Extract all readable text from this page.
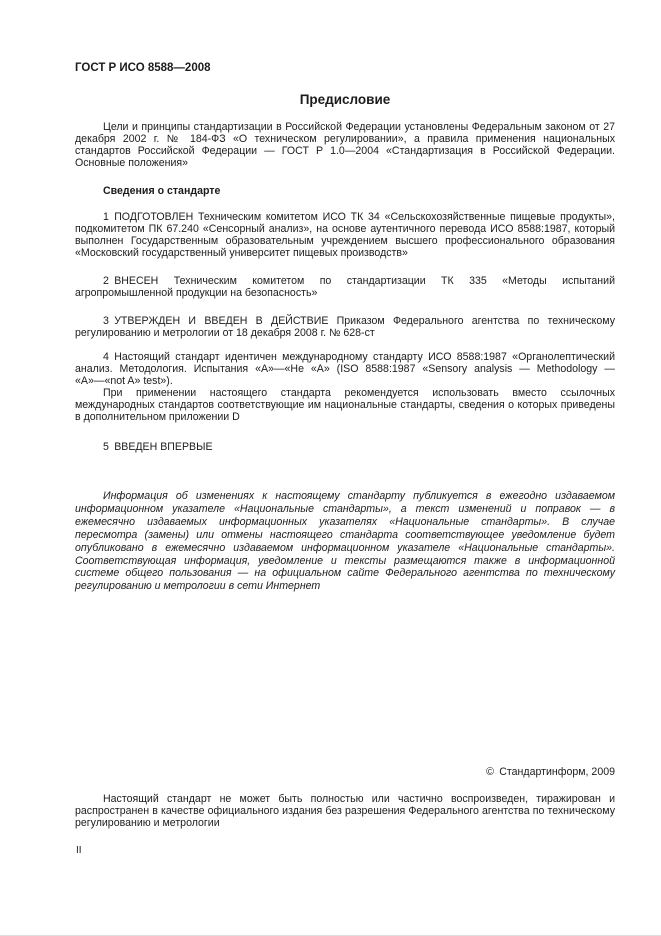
ГОСТ Р ИСО 8588—2008
Предисловие

Цели и принципы стандартизации в Российской Федерации установлены Федеральным законом от 27 декабря 2002 г. № 184-ФЗ «О техническом регулировании», а правила применения национальных стандартов Российской Федерации — ГОСТ Р 1.0—2004 «Стандартизация в Российской Федерации. Основные положения»

Сведения о стандарте

1 ПОДГОТОВЛЕН Техническим комитетом ИСО ТК 34 «Сельскохозяйственные пищевые продукты», подкомитетом ПК 67.240 «Сенсорный анализ», на основе аутентичного перевода ИСО 8588:1987, который выполнен Государственным образовательным учреждением высшего профессионального образования «Московский государственный университет пищевых производств»

2 ВНЕСЕН Техническим комитетом по стандартизации ТК 335 «Методы испытаний агропромышленной продукции на безопасность»

3 УТВЕРЖДЕН И ВВЕДЕН В ДЕЙСТВИЕ Приказом Федерального агентства по техническому регулированию и метрологии от 18 декабря 2008 г. № 628-ст

4 Настоящий стандарт идентичен международному стандарту ИСО 8588:1987 «Органолептический анализ. Методология. Испытания «А»—«Не «А» (ISO 8588:1987 «Sensory analysis — Methodology — «А»—«not A» test»).

При применении настоящего стандарта рекомендуется использовать вместо ссылочных международных стандартов соответствующие им национальные стандарты, сведения о которых приведены в дополнительном приложении D

5 ВВЕДЕН ВПЕРВЫЕ

Информация об изменениях к настоящему стандарту публикуется в ежегодно издаваемом информационном указателе «Национальные стандарты», а текст изменений и поправок — в ежемесячно издаваемых информационных указателях «Национальные стандарты». В случае пересмотра (замены) или отмены настоящего стандарта соответствующее уведомление будет опубликовано в ежемесячно издаваемом информационном указателе «Национальные стандарты». Соответствующая информация, уведомление и тексты размещаются также в информационной системе общего пользования — на официальном сайте Федерального агентства по техническому регулированию и метрологии в сети Интернет

© Стандартинформ, 2009

Настоящий стандарт не может быть полностью или частично воспроизведен, тиражирован и распространен в качестве официального издания без разрешения Федерального агентства по техническому регулированию и метрологии

II
